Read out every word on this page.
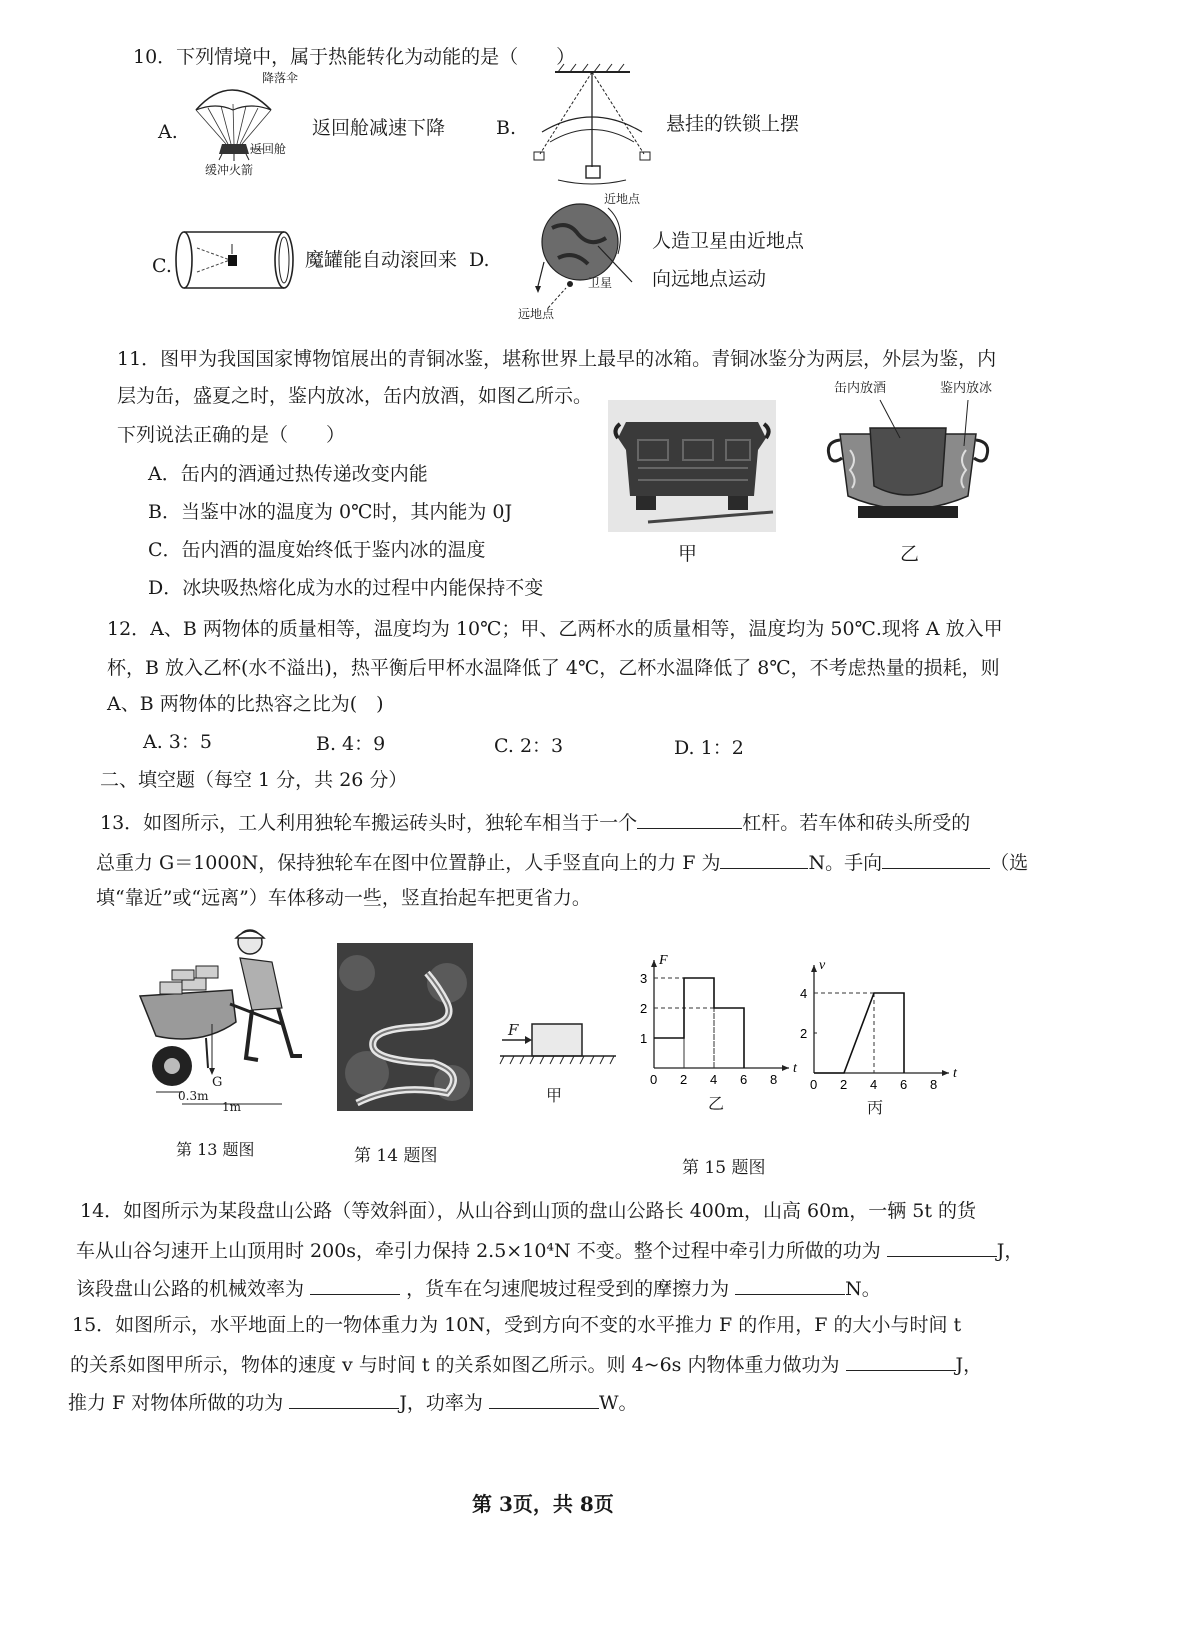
10．下列情境中，属于热能转化为动能的是（　　）
A.
降落伞
返回舱
缓冲火箭
返回舱减速下降	B.	悬挂的铁锁上摆
C.	魔罐能自动滚回来 D.
近地点
卫星
远地点
人造卫星由近地点
向远地点运动
11．图甲为我国国家博物馆展出的青铜冰鉴，堪称世界上最早的冰箱。青铜冰鉴分为两层，外层为鉴，内
层为缶，盛夏之时，鉴内放冰，缶内放酒，如图乙所示。
下列说法正确的是（　　）
A．缶内的酒通过热传递改变内能
B．当鉴中冰的温度为 0℃时，其内能为 0J
C．缶内酒的温度始终低于鉴内冰的温度
D．冰块吸热熔化成为水的过程中内能保持不变
甲
缶内放酒	鉴内放冰
乙
12．A、B 两物体的质量相等，温度均为 10℃；甲、乙两杯水的质量相等，温度均为 50℃.现将 A 放入甲
杯，B 放入乙杯(水不溢出)，热平衡后甲杯水温降低了 4℃，乙杯水温降低了 8℃，不考虑热量的损耗，则
A、B 两物体的比热容之比为(　)
A. 3：5	B. 4：9	C. 2：3	D. 1：2
二、填空题（每空 1 分，共 26 分）
13．如图所示，工人利用独轮车搬运砖头时，独轮车相当于一个	杠杆。若车体和砖头所受的
总重力 G＝1000N，保持独轮车在图中位置静止，人手竖直向上的力 F 为	N。手向	（选
填“靠近”或“远离”）车体移动一些，竖直抬起车把更省力。
G
0.3m
1m
第 13 题图	第 14 题图
F
甲
t
F
0 2 4 6 8
1
2
3
乙
t
v
0 2 4 6 8
2
4
丙
第 15 题图
14．如图所示为某段盘山公路（等效斜面），从山谷到山顶的盘山公路长 400m，山高 60m，一辆 5t 的货
车从山谷匀速开上山顶用时 200s，牵引力保持 2.5×10⁴N 不变。整个过程中牵引力所做的功为	J，
该段盘山公路的机械效率为	，货车在匀速爬坡过程受到的摩擦力为	N。
15．如图所示，水平地面上的一物体重力为 10N，受到方向不变的水平推力 F 的作用，F 的大小与时间 t
的关系如图甲所示，物体的速度 v 与时间 t 的关系如图乙所示。则 4~6s 内物体重力做功为	J，
推力 F 对物体所做的功为	J，功率为	W。
第 3页，共 8页
